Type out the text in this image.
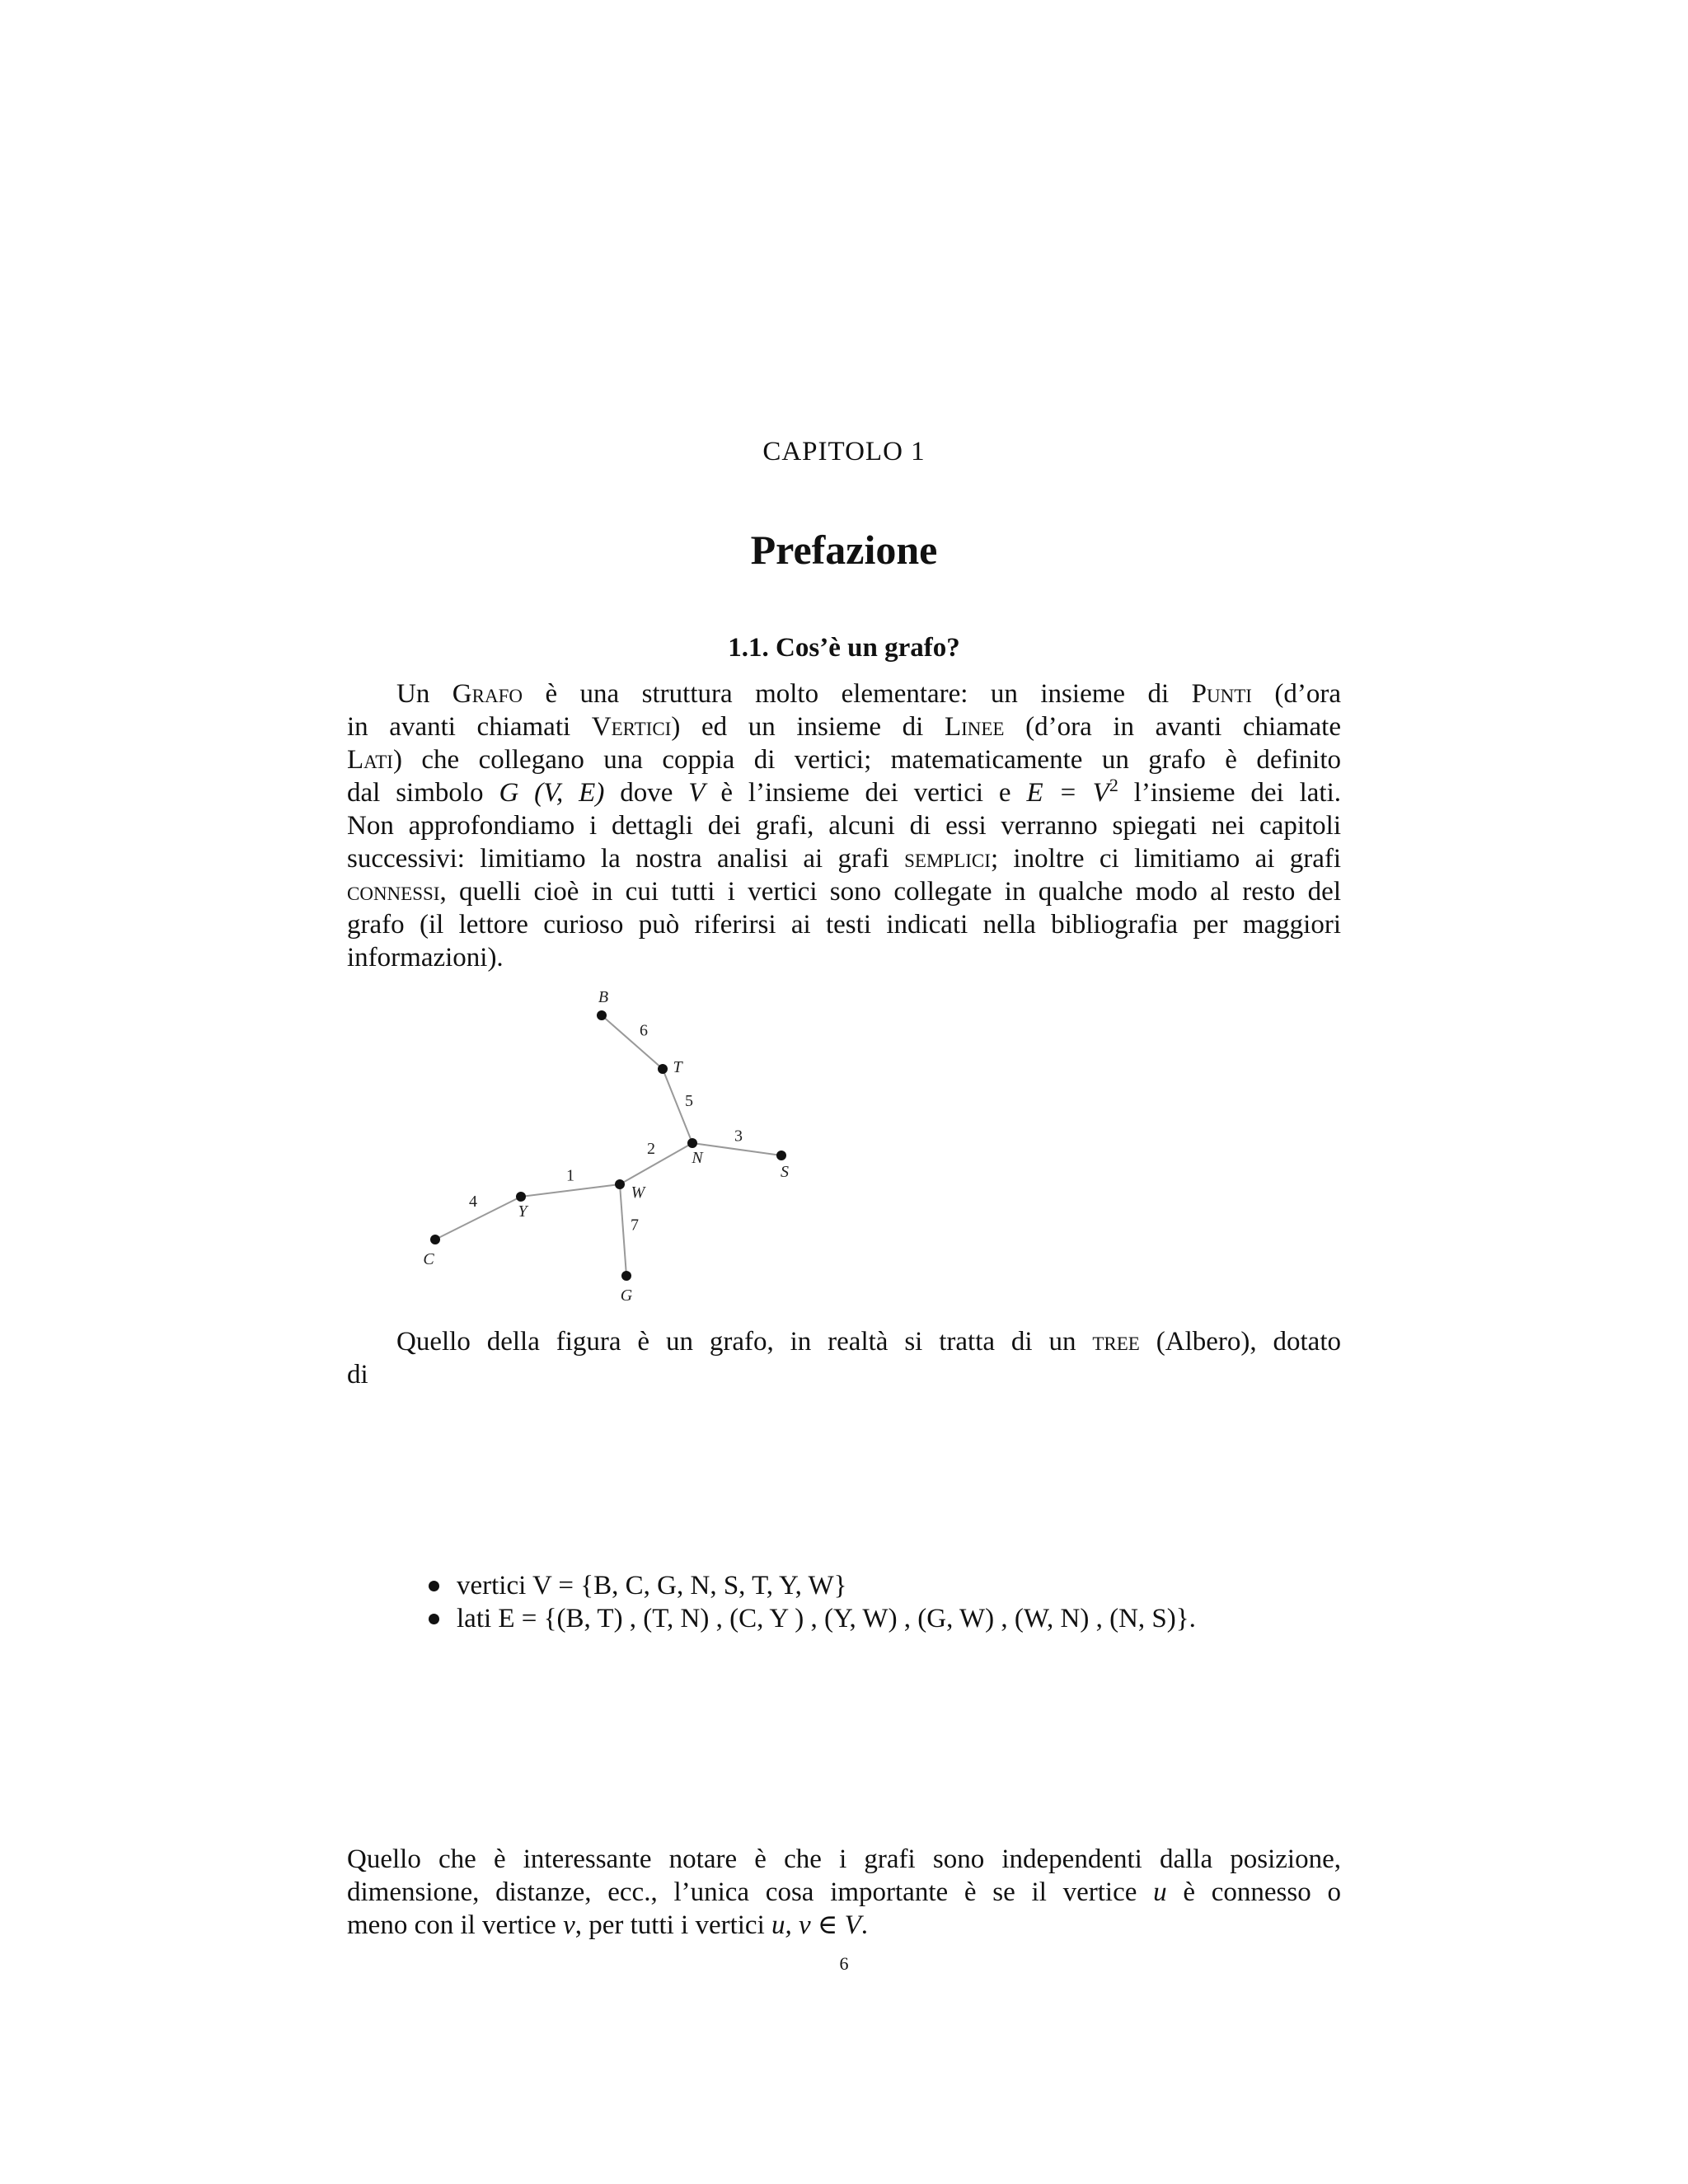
CAPITOLO 1
Prefazione
1.1. Cos’è un grafo?
Un Grafo è una struttura molto elementare: un insieme di Punti (d’ora
in avanti chiamati Vertici) ed un insieme di Linee (d’ora in avanti chiamate
Lati) che collegano una coppia di vertici; matematicamente un grafo è definito
dal simbolo G (V, E) dove V è l’insieme dei vertici e $E = V^2$ l’insieme dei lati.
Non approfondiamo i dettagli dei grafi, alcuni di essi verranno spiegati nei capitoli
successivi: limitiamo la nostra analisi ai grafi semplici; inoltre ci limitiamo ai grafi
connessi, quelli cioè in cui tutti i vertici sono collegate in qualche modo al resto del
grafo (il lettore curioso può riferirsi ai testi indicati nella bibliografia per maggiori
informazioni).
6
5
3
2
1
4
7
B
T
N
S
W
Y
C
G
Quello della figura è un grafo, in realtà si tratta di un tree (Albero), dotato
di
vertici V = {B, C, G, N, S, T, Y, W}
lati E = {(B, T) , (T, N) , (C, Y ) , (Y, W) , (G, W) , (W, N) , (N, S)}.
Quello che è interessante notare è che i grafi sono independenti dalla posizione,
dimensione, distanze, ecc., l’unica cosa importante è se il vertice u è connesso o
meno con il vertice v, per tutti i vertici u, v ∈ V.
6
